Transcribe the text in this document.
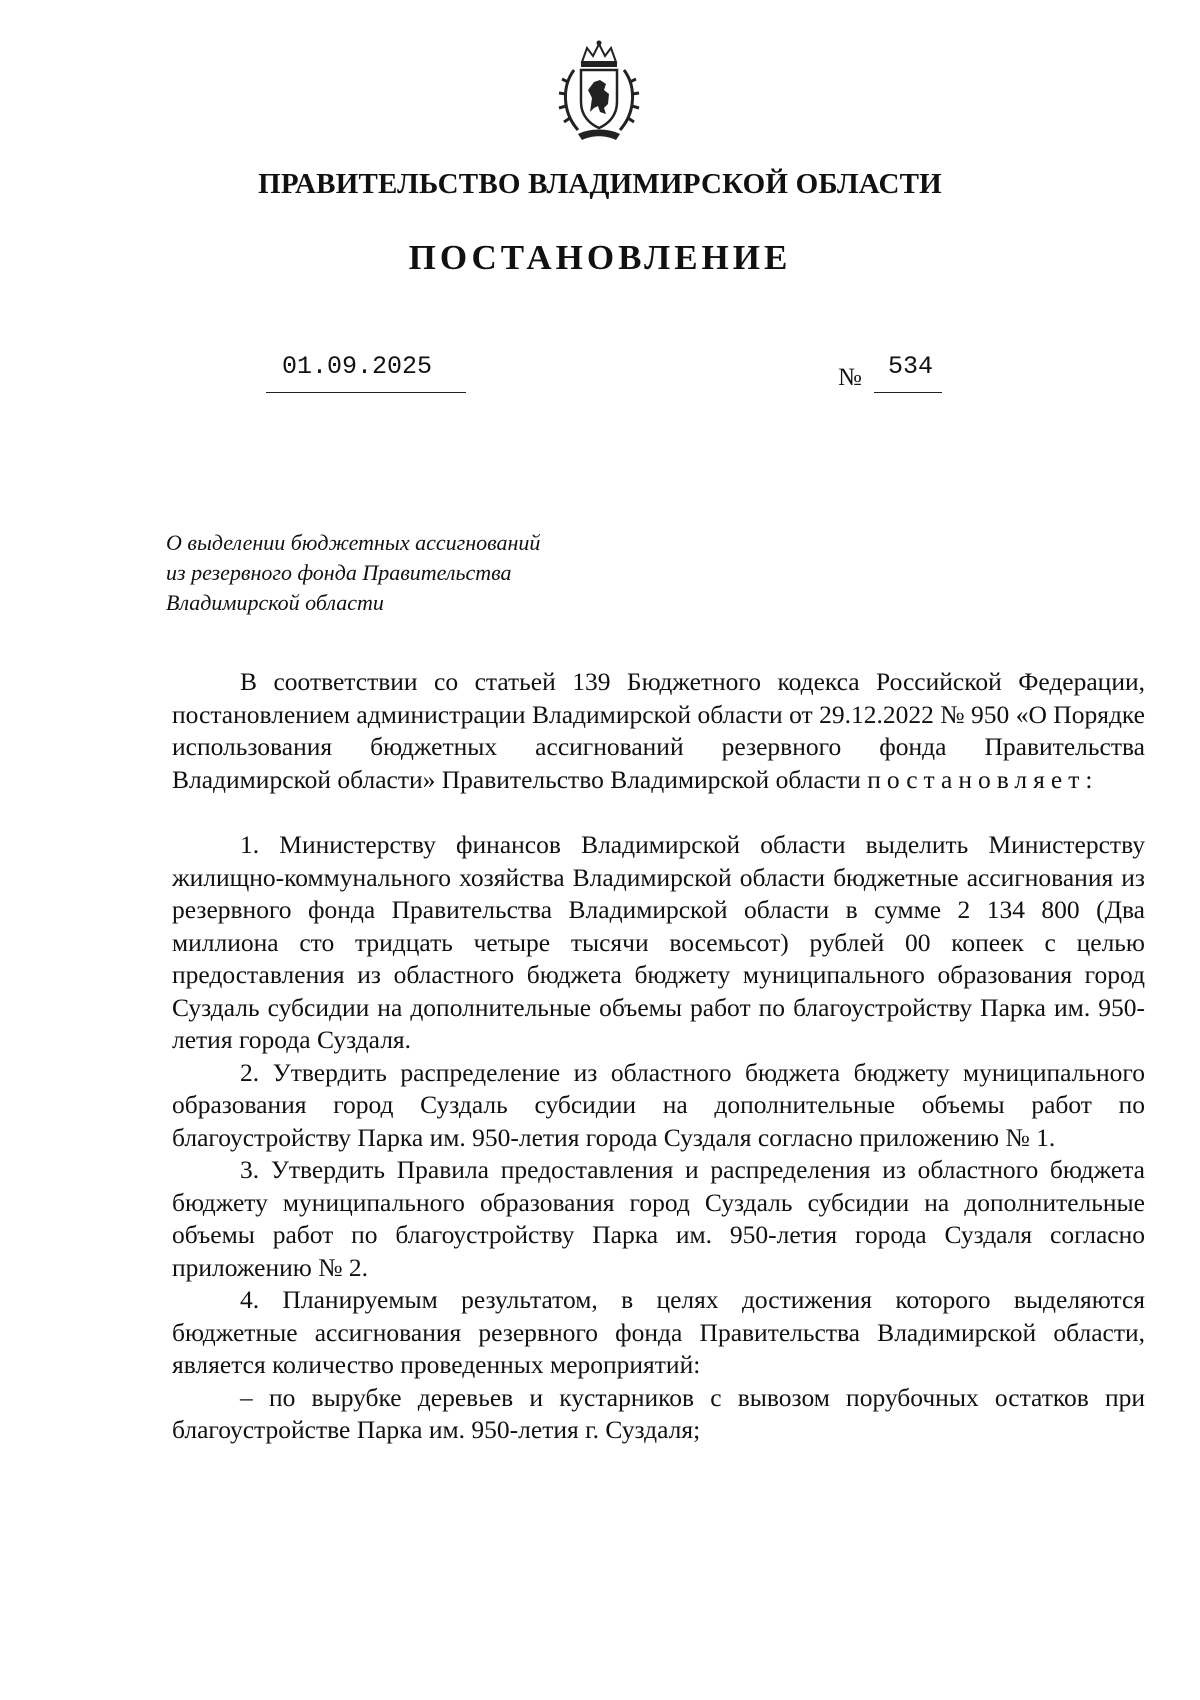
ПРАВИТЕЛЬСТВО ВЛАДИМИРСКОЙ ОБЛАСТИ
ПОСТАНОВЛЕНИЕ
01.09.2025	№ 534
О выделении бюджетных ассигнований
из резервного фонда Правительства
Владимирской области

В соответствии со статьей 139 Бюджетного кодекса Российской Федерации, постановлением администрации Владимирской области от 29.12.2022 № 950 «О Порядке использования бюджетных ассигнований резервного фонда Правительства Владимирской области» Правительство Владимирской области постановляет:

1. Министерству финансов Владимирской области выделить Министерству жилищно-коммунального хозяйства Владимирской области бюджетные ассигнования из резервного фонда Правительства Владимирской области в сумме 2 134 800 (Два миллиона сто тридцать четыре тысячи восемьсот) рублей 00 копеек с целью предоставления из областного бюджета бюджету муниципального образования город Суздаль субсидии на дополнительные объемы работ по благоустройству Парка им. 950-летия города Суздаля.

2. Утвердить распределение из областного бюджета бюджету муниципального образования город Суздаль субсидии на дополнительные объемы работ по благоустройству Парка им. 950-летия города Суздаля согласно приложению № 1.

3. Утвердить Правила предоставления и распределения из областного бюджета бюджету муниципального образования город Суздаль субсидии на дополнительные объемы работ по благоустройству Парка им. 950-летия города Суздаля согласно приложению № 2.

4. Планируемым результатом, в целях достижения которого выделяются бюджетные ассигнования резервного фонда Правительства Владимирской области, является количество проведенных мероприятий:

– по вырубке деревьев и кустарников с вывозом порубочных остатков при благоустройстве Парка им. 950-летия г. Суздаля;
